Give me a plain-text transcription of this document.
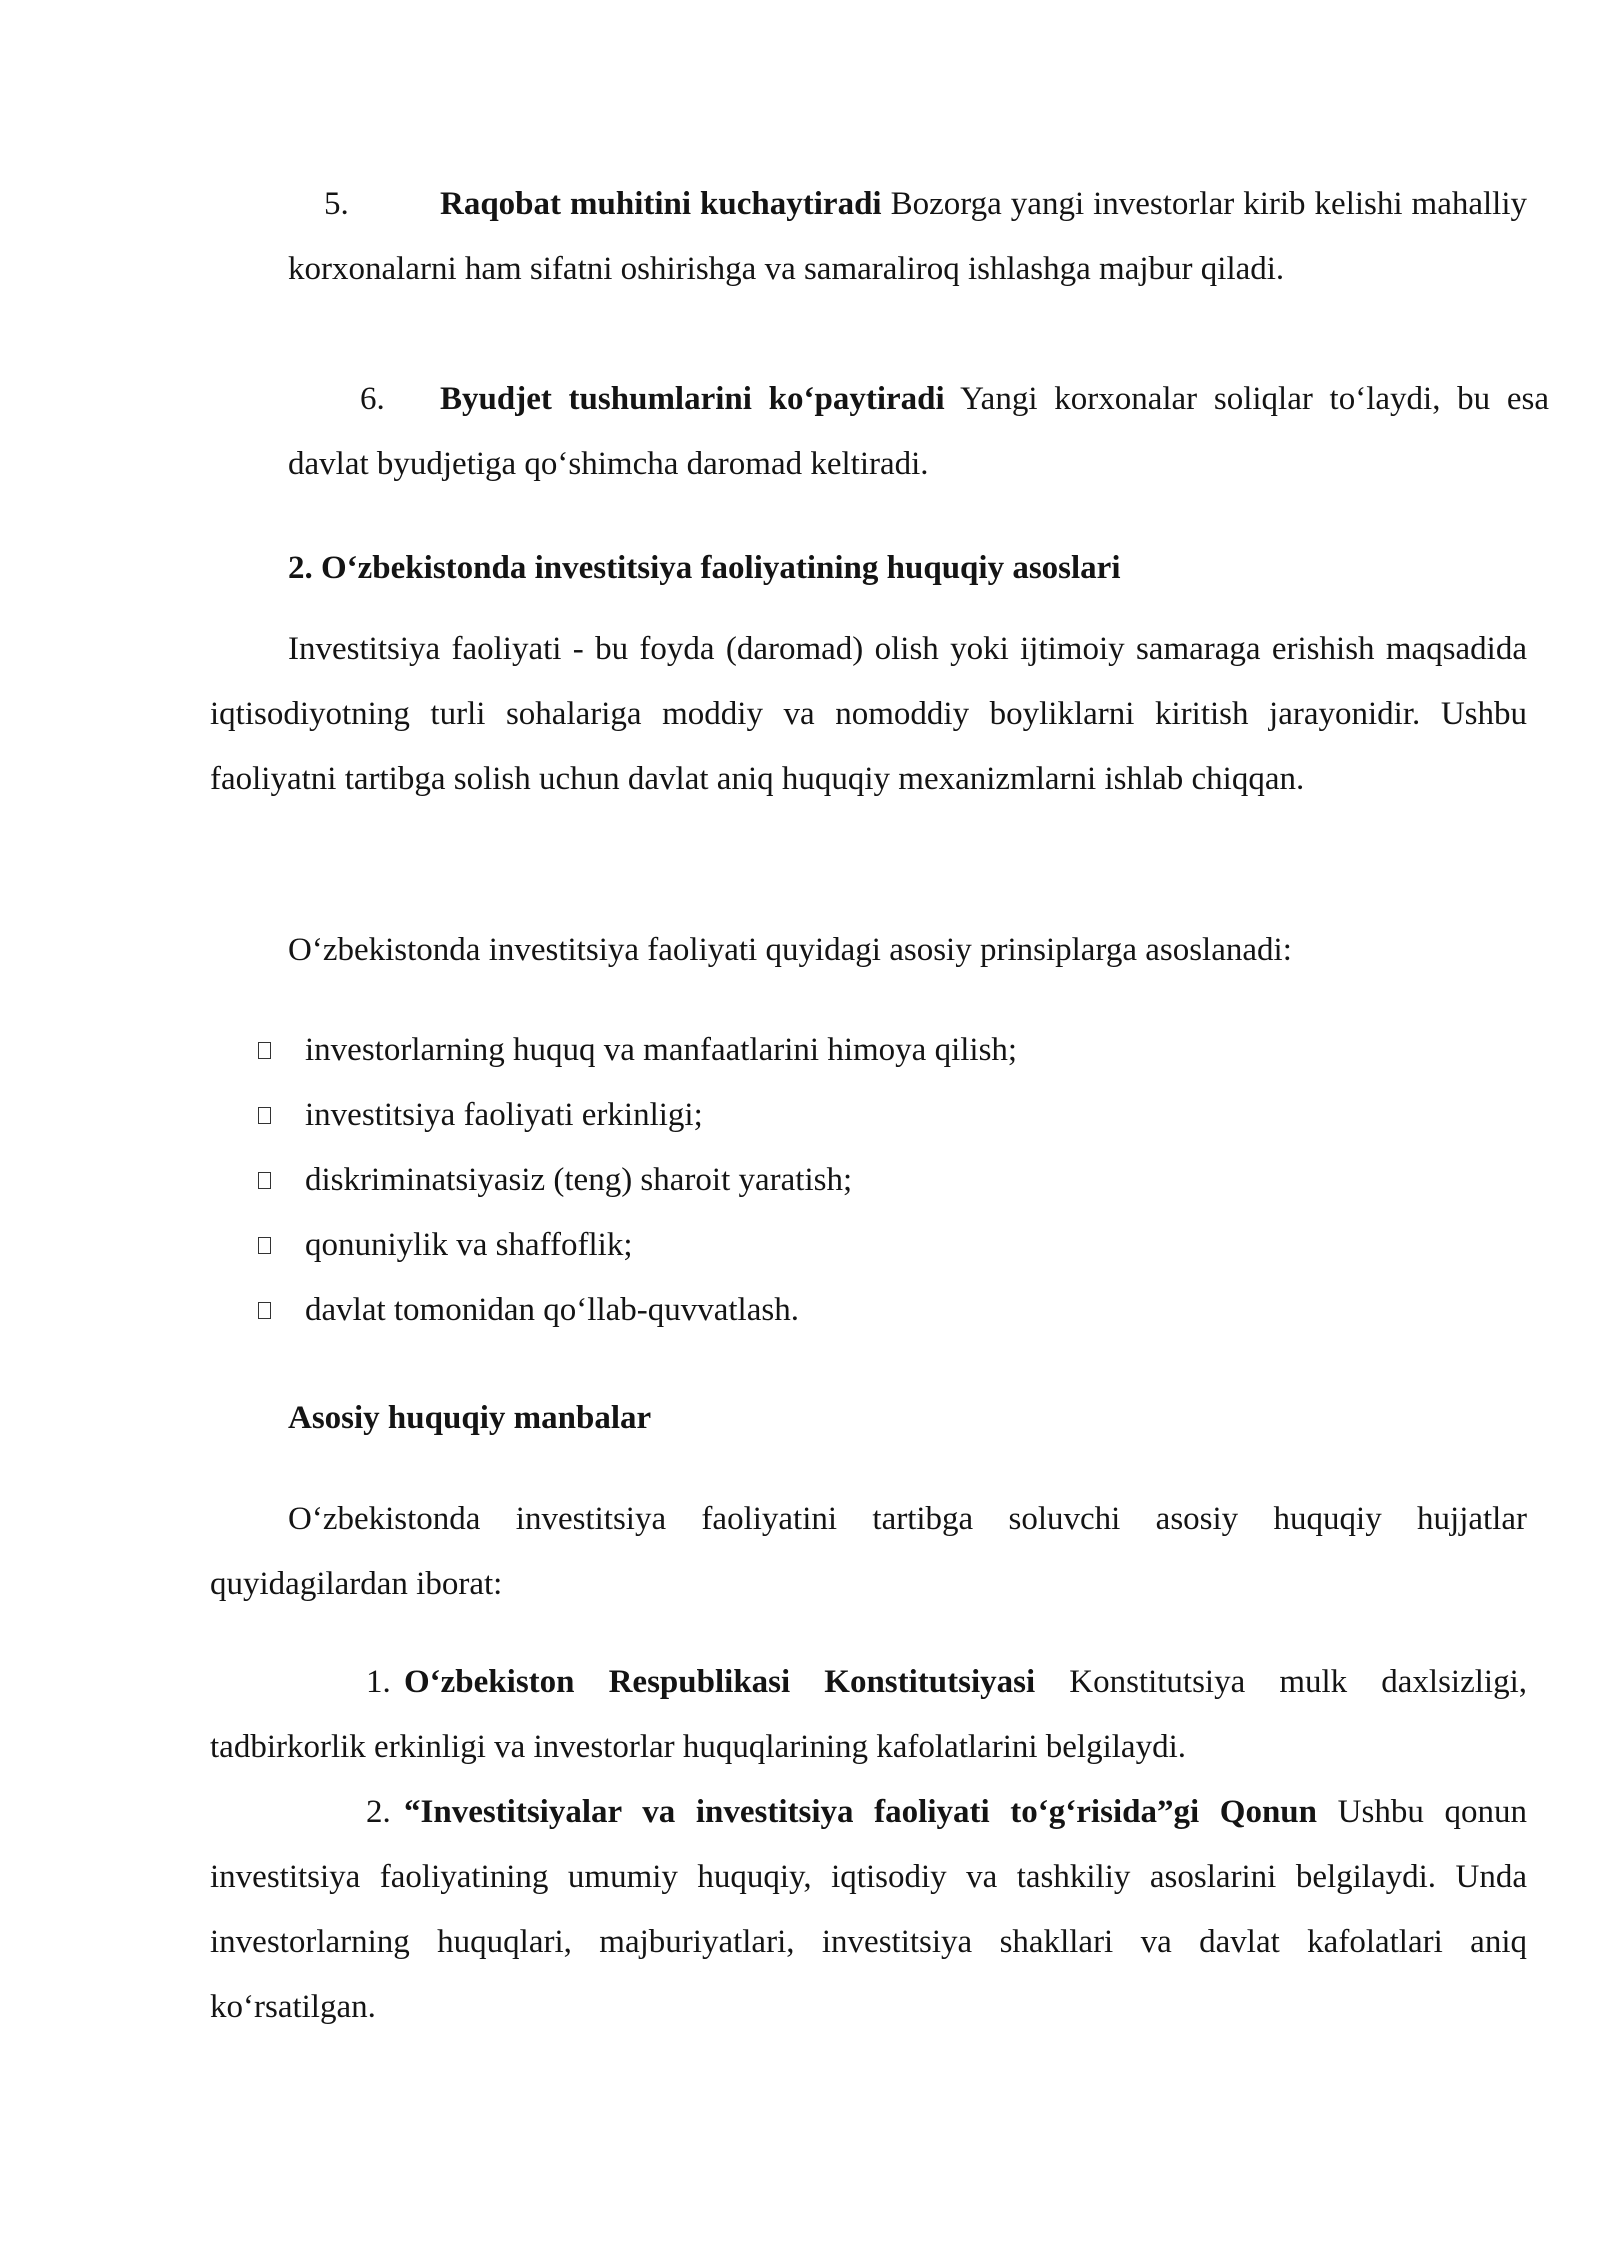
5.	Raqobat muhitini kuchaytiradi Bozorga yangi investorlar kirib kelishi mahalliy korxonalarni ham sifatni oshirishga va samaraliroq ishlashga majbur qiladi.
6. Byudjet tushumlarini ko‘paytiradi Yangi korxonalar soliqlar to‘laydi, bu esa davlat byudjetiga qo‘shimcha daromad keltiradi.

2. O‘zbekistonda investitsiya faoliyatining huquqiy asoslari

Investitsiya faoliyati - bu foyda (daromad) olish yoki ijtimoiy samaraga erishish maqsadida iqtisodiyotning turli sohalariga moddiy va nomoddiy boyliklarni kiritish jarayonidir. Ushbu faoliyatni tartibga solish uchun davlat aniq huquqiy mexanizmlarni ishlab chiqqan.

O‘zbekistonda investitsiya faoliyati quyidagi asosiy prinsiplarga asoslanadi:

investorlarning huquq va manfaatlarini himoya qilish;
investitsiya faoliyati erkinligi;
diskriminatsiyasiz (teng) sharoit yaratish;
qonuniylik va shaffoflik;
davlat tomonidan qo‘llab-quvvatlash.

Asosiy huquqiy manbalar

O‘zbekistonda investitsiya faoliyatini tartibga soluvchi asosiy huquqiy hujjatlar quyidagilardan iborat:

1. O‘zbekiston Respublikasi Konstitutsiyasi Konstitutsiya mulk daxlsizligi, tadbirkorlik erkinligi va investorlar huquqlarining kafolatlarini belgilaydi.
2. “Investitsiyalar va investitsiya faoliyati to‘g‘risida”gi Qonun Ushbu qonun investitsiya faoliyatining umumiy huquqiy, iqtisodiy va tashkiliy asoslarini belgilaydi. Unda investorlarning huquqlari, majburiyatlari, investitsiya shakllari va davlat kafolatlari aniq ko‘rsatilgan.
